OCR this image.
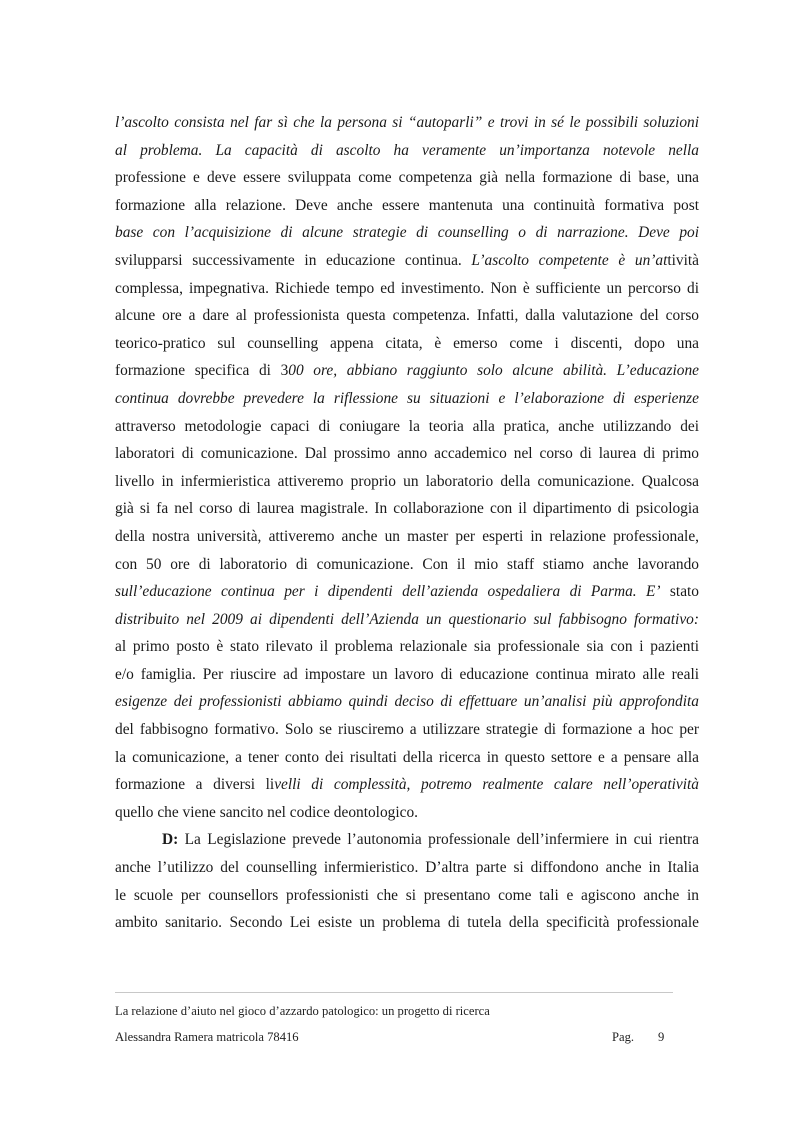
l’ascolto consista nel far sì che la persona si “autoparli” e trovi in sé le possibili soluzioni
al problema. La capacità di ascolto ha veramente un’importanza notevole nella
professione e deve essere sviluppata come competenza già nella formazione di base, una
formazione alla relazione. Deve anche essere mantenuta una continuità formativa post
base con l’acquisizione di alcune strategie di counselling o di narrazione. Deve poi
svilupparsi successivamente in educazione continua. L’ascolto competente è un’attività
complessa, impegnativa. Richiede tempo ed investimento. Non è sufficiente un percorso di
alcune ore a dare al professionista questa competenza. Infatti, dalla valutazione del corso
teorico-pratico sul counselling appena citata, è emerso come i discenti, dopo una
formazione specifica di 300 ore, abbiano raggiunto solo alcune abilità. L’educazione
continua dovrebbe prevedere la riflessione su situazioni e l’elaborazione di esperienze
attraverso metodologie capaci di coniugare la teoria alla pratica, anche utilizzando dei
laboratori di comunicazione. Dal prossimo anno accademico nel corso di laurea di primo
livello in infermieristica attiveremo proprio un laboratorio della comunicazione. Qualcosa
già si fa nel corso di laurea magistrale. In collaborazione con il dipartimento di psicologia
della nostra università, attiveremo anche un master per esperti in relazione professionale,
con 50 ore di laboratorio di comunicazione. Con il mio staff stiamo anche lavorando
sull’educazione continua per i dipendenti dell’azienda ospedaliera di Parma. E’ stato
distribuito nel 2009 ai dipendenti dell’Azienda un questionario sul fabbisogno formativo:
al primo posto è stato rilevato il problema relazionale sia professionale sia con i pazienti
e/o famiglia. Per riuscire ad impostare un lavoro di educazione continua mirato alle reali
esigenze dei professionisti abbiamo quindi deciso di effettuare un’analisi più approfondita
del fabbisogno formativo. Solo se riusciremo a utilizzare strategie di formazione a hoc per
la comunicazione, a tener conto dei risultati della ricerca in questo settore e a pensare alla
formazione a diversi livelli di complessità, potremo realmente calare nell’operatività
quello che viene sancito nel codice deontologico.
D: La Legislazione prevede l’autonomia professionale dell’infermiere in cui rientra
anche l’utilizzo del counselling infermieristico. D’altra parte si diffondono anche in Italia
le scuole per counsellors professionisti che si presentano come tali e agiscono anche in
ambito sanitario. Secondo Lei esiste un problema di tutela della specificità professionale
La relazione d’aiuto nel gioco d’azzardo patologico: un progetto di ricerca
Alessandra Ramera matricola 78416	Pag. 9
